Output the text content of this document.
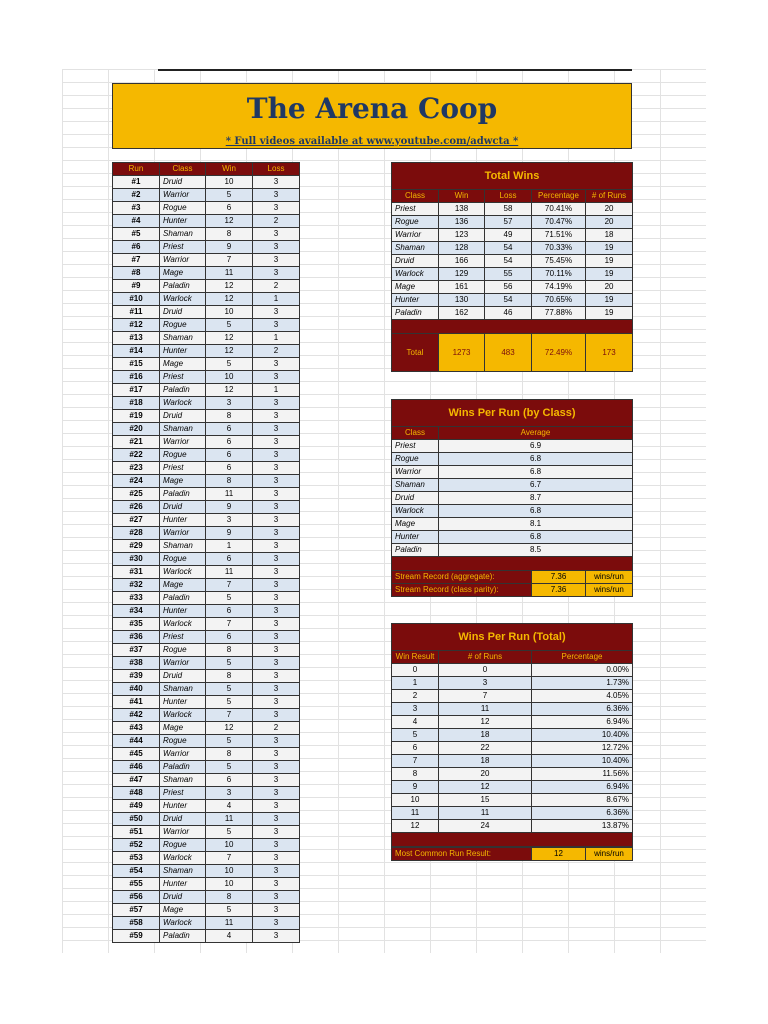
The Arena Coop
* Full videos available at www.youtube.com/adwcta *
Run	Class	Win	Loss
#1	Druid	10	3
#2	Warrior	5	3
#3	Rogue	6	3
#4	Hunter	12	2
#5	Shaman	8	3
#6	Priest	9	3
#7	Warrior	7	3
#8	Mage	11	3
#9	Paladin	12	2
#10	Warlock	12	1
#11	Druid	10	3
#12	Rogue	5	3
#13	Shaman	12	1
#14	Hunter	12	2
#15	Mage	5	3
#16	Priest	10	3
#17	Paladin	12	1
#18	Warlock	3	3
#19	Druid	8	3
#20	Shaman	6	3
#21	Warrior	6	3
#22	Rogue	6	3
#23	Priest	6	3
#24	Mage	8	3
#25	Paladin	11	3
#26	Druid	9	3
#27	Hunter	3	3
#28	Warrior	9	3
#29	Shaman	1	3
#30	Rogue	6	3
#31	Warlock	11	3
#32	Mage	7	3
#33	Paladin	5	3
#34	Hunter	6	3
#35	Warlock	7	3
#36	Priest	6	3
#37	Rogue	8	3
#38	Warrior	5	3
#39	Druid	8	3
#40	Shaman	5	3
#41	Hunter	5	3
#42	Warlock	7	3
#43	Mage	12	2
#44	Rogue	5	3
#45	Warrior	8	3
#46	Paladin	5	3
#47	Shaman	6	3
#48	Priest	3	3
#49	Hunter	4	3
#50	Druid	11	3
#51	Warrior	5	3
#52	Rogue	10	3
#53	Warlock	7	3
#54	Shaman	10	3
#55	Hunter	10	3
#56	Druid	8	3
#57	Mage	5	3
#58	Warlock	11	3
#59	Paladin	4	3
Total Wins				
Class	Win	Loss	Percentage	# of Runs
Priest	138	58	70.41%	20
Rogue	136	57	70.47%	20
Warrior	123	49	71.51%	18
Shaman	128	54	70.33%	19
Druid	166	54	75.45%	19
Warlock	129	55	70.11%	19
Mage	161	56	74.19%	20
Hunter	130	54	70.65%	19
Paladin	162	46	77.88%	19

Total	1273	483	72.49%	173
Wins Per Run (by Class)	
Class	Average
Priest	6.9
Rogue	6.8
Warrior	6.8
Shaman	6.7
Druid	8.7
Warlock	6.8
Mage	8.1
Hunter	6.8
Paladin	8.5

Stream Record (aggregate):	7.36	wins/run
Stream Record (class parity):	7.36	wins/run
Wins Per Run (Total)		
Win Result	# of Runs	Percentage
0	0	0.00%
1	3	1.73%
2	7	4.05%
3	11	6.36%
4	12	6.94%
5	18	10.40%
6	22	12.72%
7	18	10.40%
8	20	11.56%
9	12	6.94%
10	15	8.67%
11	11	6.36%
12	24	13.87%

Most Common Run Result:	12	wins/run
